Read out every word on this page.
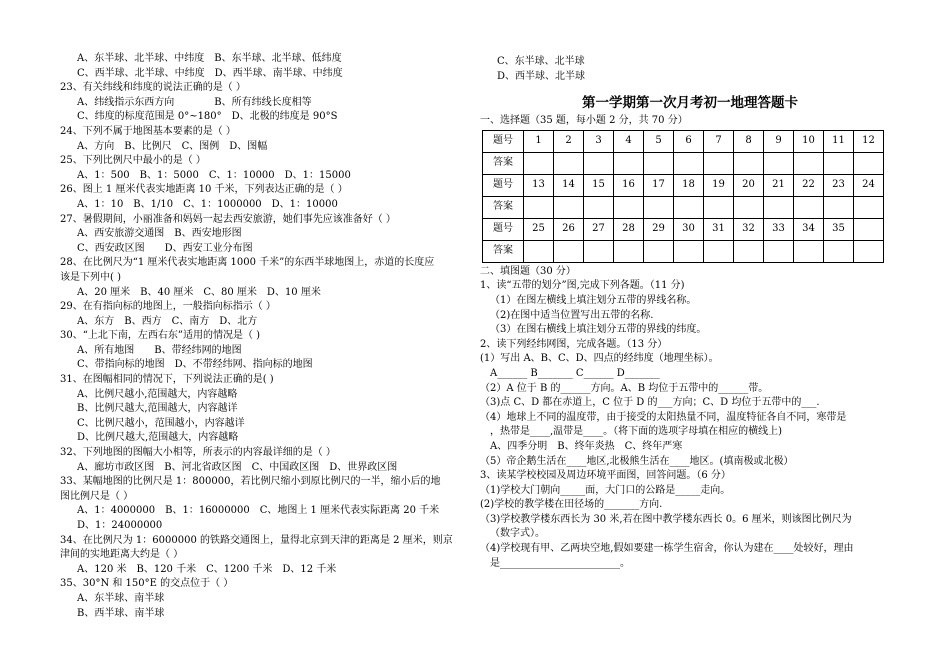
A、东半球、北半球、中纬度　B、东半球、北半球、低纬度
C、西半球、北半球、中纬度　D、西半球、南半球、中纬度
23、有关纬线和纬度的说法正确的是（ ）
A、纬线指示东西方向　　　　B、所有纬线长度相等
C、纬度的标度范围是 0°~180°　D、北极的纬度是 90°S
24、下列不属于地图基本要素的是（ ）
A、方向　B、比例尺　C、图例　D、图幅
25、下列比例尺中最小的是（ ）
A、1：500　B、1：5000　C、1：10000　D、1：15000
26、图上 1 厘米代表实地距离 10 千米，下列表达正确的是（ ）
A、1：10　B、1/10　C、1：1000000　D、1：10000
27、暑假期间，小丽准备和妈妈一起去西安旅游，她们事先应该准备好（ ）
A、西安旅游交通图　B、西安地形图
C、西安政区图　　D、西安工业分布图
28、在比例尺为“1 厘米代表实地距离 1000 千米”的东西半球地图上，赤道的长度应
该是下列中( )
A、20 厘米　B、40 厘米　C、80 厘米　D、10 厘米
29、在有指向标的地图上，一般指向标指示（ ）
A、东方　B、西方　C、南方　D、北方
30、“上北下南，左西右东”适用的情况是（ )
A、所有地图　　B、带经纬网的地图
C、带指向标的地图　D、不带经纬网、指向标的地图
31、在图幅相同的情况下，下列说法正确的是( )
A、比例尺越小,范围越大，内容越略
B、比例尺越大,范围越大，内容越详
C、比例尺越小，范围越小，内容越详
D、比例尺越大,范围越大，内容越略
32、下列地图的图幅大小相等，所表示的内容最详细的是（ ）
A、廊坊市政区图　B、河北省政区图　C、中国政区图　D、世界政区图
33、某幅地图的比例尺是 1：800000，若比例尺缩小到原比例尺的一半，缩小后的地
图比例尺是（ ）
A、1：4000000　B、1：16000000　C、地图上 1 厘米代表实际距离 20 千米
D、1：24000000
34、在比例尺为 1：6000000 的铁路交通图上，量得北京到天津的距离是 2 厘米，则京
津间的实地距离大约是（ ）
A、120 米　B、120 千米　C、1200 千米　D、12 千米
35、30°N 和 150°E 的交点位于（ ）
A、东半球、南半球
B、西半球、南半球
C、东半球、北半球
D、西半球、北半球
第一学期第一次月考初一地理答题卡
一、选择题（35 题，每小题 2 分，共 70 分）
题号	1	2	3	4	5	6	7	8	9	10	11	12
答案												
题号	13	14	15	16	17	18	19	20	21	22	23	24
答案												
题号	25	26	27	28	29	30	31	32	33	34	35	
答案												
二、填图题（30 分）
1、读“五带的划分”图,完成下列各题。（11 分)
（1）在图左横线上填注划分五带的界线名称。
（2)在图中适当位置写出五带的名称.
（3）在图右横线上填注划分五带的界线的纬度。
2、读下列经纬网图，完成各题。（13 分）
(1）写出 A、B、C、D、四点的经纬度（地理坐标）。
A______ B_______ C______ D_______
（2）A 位于 B 的______方向。A、B 均位于五带中的______带。
（3)点 C、D 都在赤道上，C 位于 D 的___方向；C、D 均位于五带中的___.
（4）地球上不同的温度带，由于接受的太阳热量不同，温度特征各自不同，寒带是
，热带是____,温带是____。（将下面的选项字母填在相应的横线上)
A、四季分明　B、终年炎热　C、终年严寒
（5）帝企鹅生活在____地区,北极熊生活在____地区。(填南极或北极）
3、读某学校校园及周边环境平面图，回答问题。（6 分）
（1)学校大门朝向_____面，大门口的公路是_____走向。
(2)学校的教学楼在田径场的_______方向.
（3)学校教学楼东西长为 30 米,若在图中教学楼东西长 0。6 厘米，则该图比例尺为
（数字式）。
（4)学校现有甲、乙两块空地,假如要建一栋学生宿舍，你认为建在____处较好，理由
是________________________。
